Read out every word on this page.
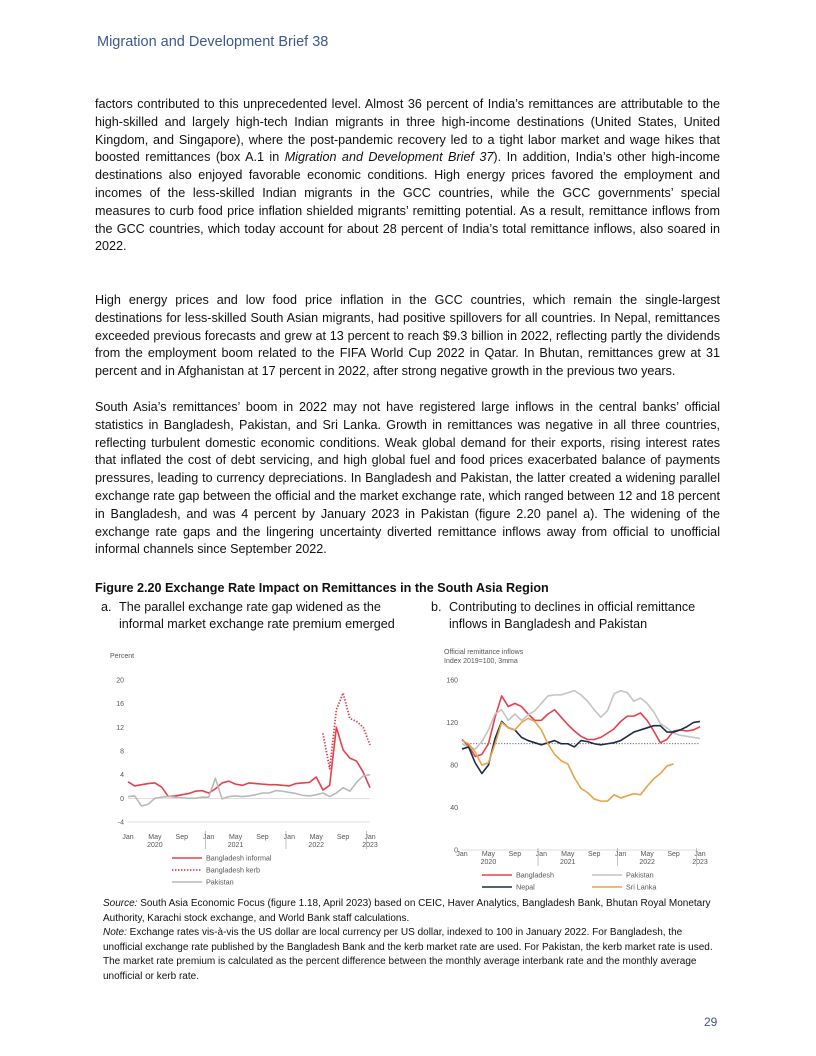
Migration and Development Brief 38

factors contributed to this unprecedented level. Almost 36 percent of India’s remittances are attributable to the high-skilled and largely high-tech Indian migrants in three high-income destinations (United States, United Kingdom, and Singapore), where the post-pandemic recovery led to a tight labor market and wage hikes that boosted remittances (box A.1 in Migration and Development Brief 37). In addition, India’s other high-income destinations also enjoyed favorable economic conditions. High energy prices favored the employment and incomes of the less-skilled Indian migrants in the GCC countries, while the GCC governments’ special measures to curb food price inflation shielded migrants’ remitting potential. As a result, remittance inflows from the GCC countries, which today account for about 28 percent of India’s total remittance inflows, also soared in 2022.

High energy prices and low food price inflation in the GCC countries, which remain the single-largest destinations for less-skilled South Asian migrants, had positive spillovers for all countries. In Nepal, remittances exceeded previous forecasts and grew at 13 percent to reach $9.3 billion in 2022, reflecting partly the dividends from the employment boom related to the FIFA World Cup 2022 in Qatar. In Bhutan, remittances grew at 31 percent and in Afghanistan at 17 percent in 2022, after strong negative growth in the previous two years.

South Asia’s remittances’ boom in 2022 may not have registered large inflows in the central banks’ official statistics in Bangladesh, Pakistan, and Sri Lanka. Growth in remittances was negative in all three countries, reflecting turbulent domestic economic conditions. Weak global demand for their exports, rising interest rates that inflated the cost of debt servicing, and high global fuel and food prices exacerbated balance of payments pressures, leading to currency depreciations. In Bangladesh and Pakistan, the latter created a widening parallel exchange rate gap between the official and the market exchange rate, which ranged between 12 and 18 percent in Bangladesh, and was 4 percent by January 2023 in Pakistan (figure 2.20 panel a). The widening of the exchange rate gaps and the lingering uncertainty diverted remittance inflows away from official to unofficial informal channels since September 2022.

Figure 2.20 Exchange Rate Impact on Remittances in the South Asia Region
a. The parallel exchange rate gap widened as the informal market exchange rate premium emerged
b. Contributing to declines in official remittance inflows in Bangladesh and Pakistan
Percent
20
16
12
8
4
0
-4
Jan May Sep Jan May Sep Jan May Sep Jan
2020	2021	2022	2023
Bangladesh informal
Bangladesh kerb
Pakistan
Official remittance inflows
Index 2019=100, 3mma
160
120
80
40
0
Jan May Sep Jan May Sep Jan May Sep Jan
2020	2021	2022	2023
Bangladesh	Pakistan
Nepal	Sri Lanka

Source: South Asia Economic Focus (figure 1.18, April 2023) based on CEIC, Haver Analytics, Bangladesh Bank, Bhutan Royal Monetary Authority, Karachi stock exchange, and World Bank staff calculations.

Note: Exchange rates vis-à-vis the US dollar are local currency per US dollar, indexed to 100 in January 2022. For Bangladesh, the unofficial exchange rate published by the Bangladesh Bank and the kerb market rate are used. For Pakistan, the kerb market rate is used. The market rate premium is calculated as the percent difference between the monthly average interbank rate and the monthly average unofficial or kerb rate.

29
